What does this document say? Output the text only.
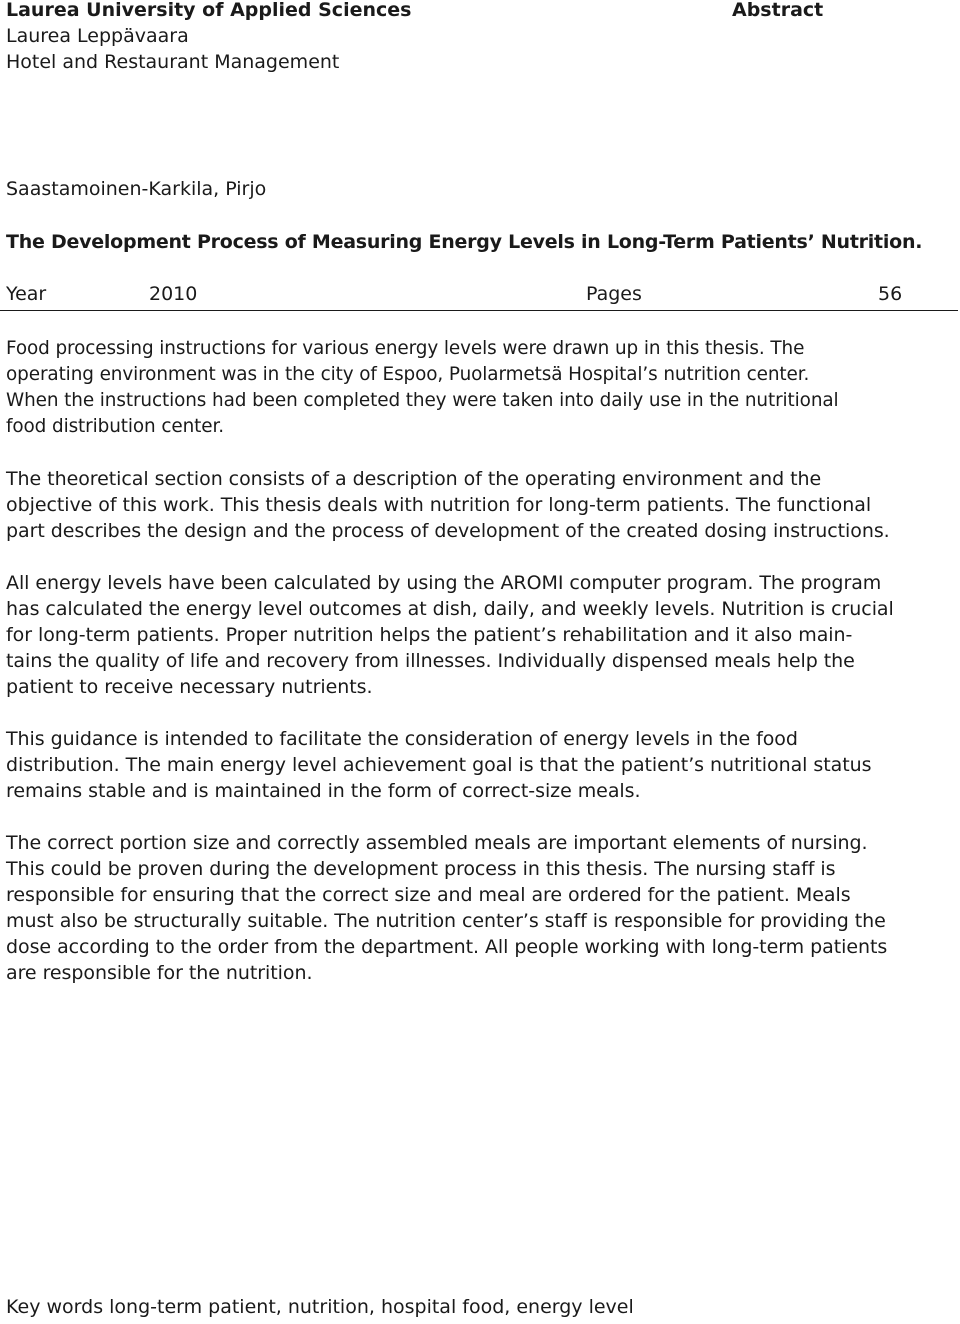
Laurea University of Applied Sciences
Laurea Leppävaara
Hotel and Restaurant Management
Abstract
Saastamoinen-Karkila, Pirjo
The Development Process of Measuring Energy Levels in Long-Term Patients’ Nutrition.
Year	2010	Pages	56

Food processing instructions for various energy levels were drawn up in this thesis. The
operating environment was in the city of Espoo, Puolarmetsä Hospital’s nutrition center.
When the instructions had been completed they were taken into daily use in the nutritional
food distribution center.

The theoretical section consists of a description of the operating environment and the
objective of this work. This thesis deals with nutrition for long-term patients. The functional
part describes the design and the process of development of the created dosing instructions.

All energy levels have been calculated by using the AROMI computer program. The program
has calculated the energy level outcomes at dish, daily, and weekly levels. Nutrition is crucial
for long-term patients. Proper nutrition helps the patient’s rehabilitation and it also main-
tains the quality of life and recovery from illnesses. Individually dispensed meals help the
patient to receive necessary nutrients.

This guidance is intended to facilitate the consideration of energy levels in the food
distribution. The main energy level achievement goal is that the patient’s nutritional status
remains stable and is maintained in the form of correct-size meals.

The correct portion size and correctly assembled meals are important elements of nursing.
This could be proven during the development process in this thesis. The nursing staff is
responsible for ensuring that the correct size and meal are ordered for the patient. Meals
must also be structurally suitable. The nutrition center’s staff is responsible for providing the
dose according to the order from the department. All people working with long-term patients
are responsible for the nutrition.

Key words long-term patient, nutrition, hospital food, energy level
